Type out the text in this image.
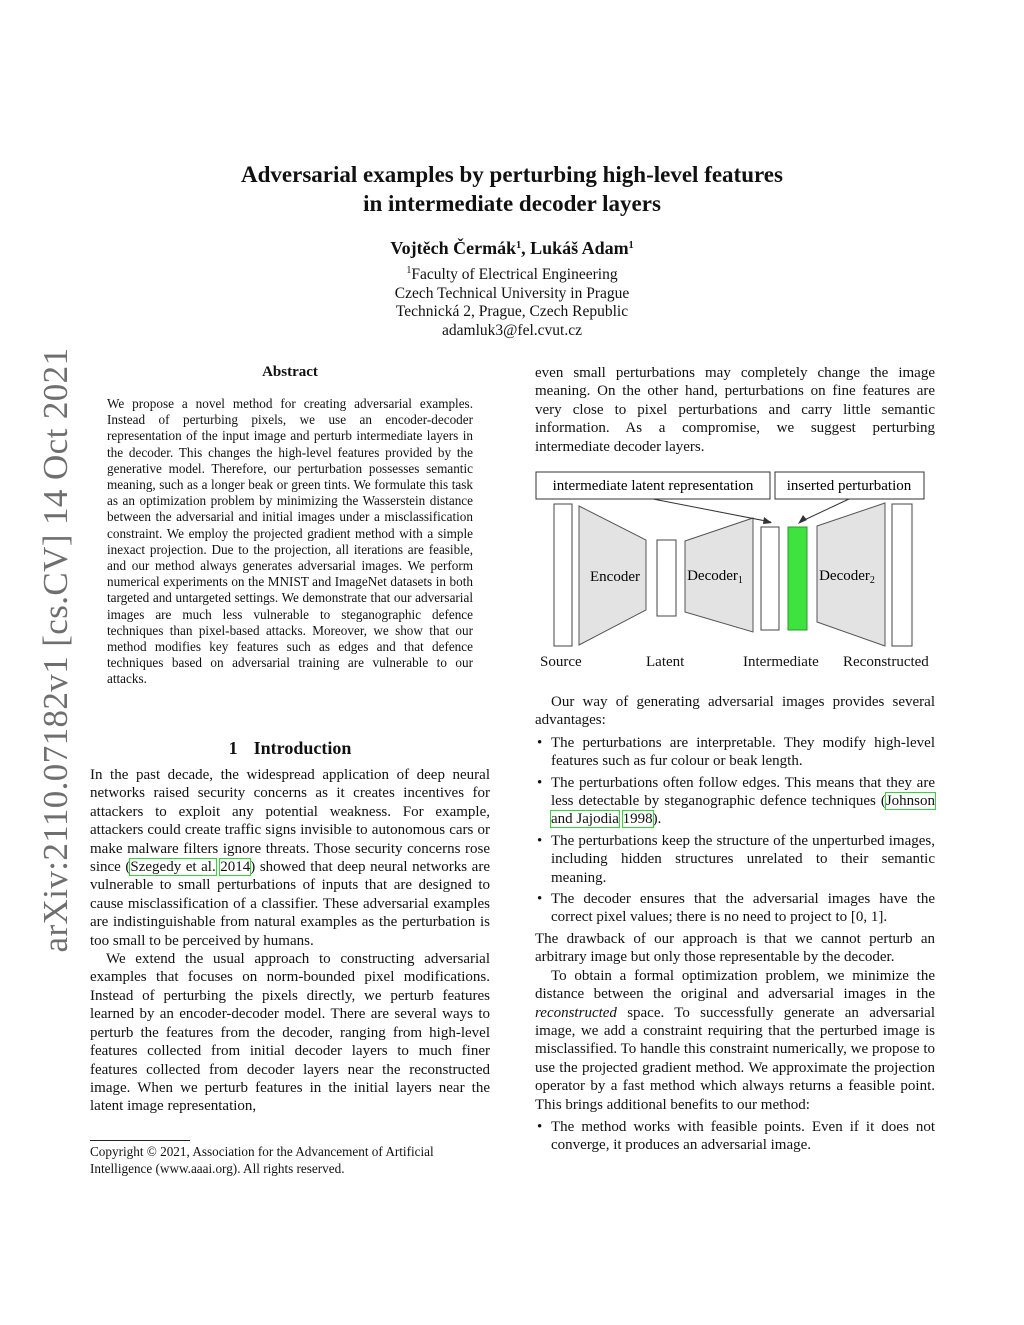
arXiv:2110.07182v1 [cs.CV] 14 Oct 2021
Adversarial examples by perturbing high-level features
in intermediate decoder layers
Vojtěch Čermák$^1$, Lukáš Adam$^1$
$^1$Faculty of Electrical Engineering
Czech Technical University in Prague
Technická 2, Prague, Czech Republic
adamluk3@fel.cvut.cz
Abstract
We propose a novel method for creating adversarial examples. Instead of perturbing pixels, we use an encoder-decoder representation of the input image and perturb intermediate layers in the decoder. This changes the high-level features provided by the generative model. Therefore, our perturbation possesses semantic meaning, such as a longer beak or green tints. We formulate this task as an optimization problem by minimizing the Wasserstein distance between the adversarial and initial images under a misclassification constraint. We employ the projected gradient method with a simple inexact projection. Due to the projection, all iterations are feasible, and our method always generates adversarial images. We perform numerical experiments on the MNIST and ImageNet datasets in both targeted and untargeted settings. We demonstrate that our adversarial images are much less vulnerable to steganographic defence techniques than pixel-based attacks. Moreover, we show that our method modifies key features such as edges and that defence techniques based on adversarial training are vulnerable to our attacks.
1 Introduction

In the past decade, the widespread application of deep neural networks raised security concerns as it creates incentives for attackers to exploit any potential weakness. For example, attackers could create traffic signs invisible to autonomous cars or make malware filters ignore threats. Those security concerns rose since (Szegedy et al. 2014) showed that deep neural networks are vulnerable to small perturbations of inputs that are designed to cause misclassification of a classifier. These adversarial examples are indistinguishable from natural examples as the perturbation is too small to be perceived by humans.

We extend the usual approach to constructing adversarial examples that focuses on norm-bounded pixel modifications. Instead of perturbing the pixels directly, we perturb features learned by an encoder-decoder model. There are several ways to perturb the features from the decoder, ranging from high-level features collected from initial decoder layers to much finer features collected from decoder layers near the reconstructed image. When we perturb features in the initial layers near the latent image representation,

Copyright © 2021, Association for the Advancement of Artificial Intelligence (www.aaai.org). All rights reserved.

even small perturbations may completely change the image meaning. On the other hand, perturbations on fine features are very close to pixel perturbations and carry little semantic information. As a compromise, we suggest perturbing intermediate decoder layers.

intermediate latent representation inserted perturbation
Encoder	Decoder$_1$	Decoder$_2$
Source	Latent	Intermediate Reconstructed

Our way of generating adversarial images provides several advantages:

• The perturbations are interpretable. They modify high-level features such as fur colour or beak length.
• The perturbations often follow edges. This means that they are less detectable by steganographic defence techniques (Johnson and Jajodia 1998).
• The perturbations keep the structure of the unperturbed images, including hidden structures unrelated to their semantic meaning.
• The decoder ensures that the adversarial images have the correct pixel values; there is no need to project to [0, 1].

The drawback of our approach is that we cannot perturb an arbitrary image but only those representable by the decoder.

To obtain a formal optimization problem, we minimize the distance between the original and adversarial images in the reconstructed space. To successfully generate an adversarial image, we add a constraint requiring that the perturbed image is misclassified. To handle this constraint numerically, we propose to use the projected gradient method. We approximate the projection operator by a fast method which always returns a feasible point. This brings additional benefits to our method:

• The method works with feasible points. Even if it does not converge, it produces an adversarial image.
